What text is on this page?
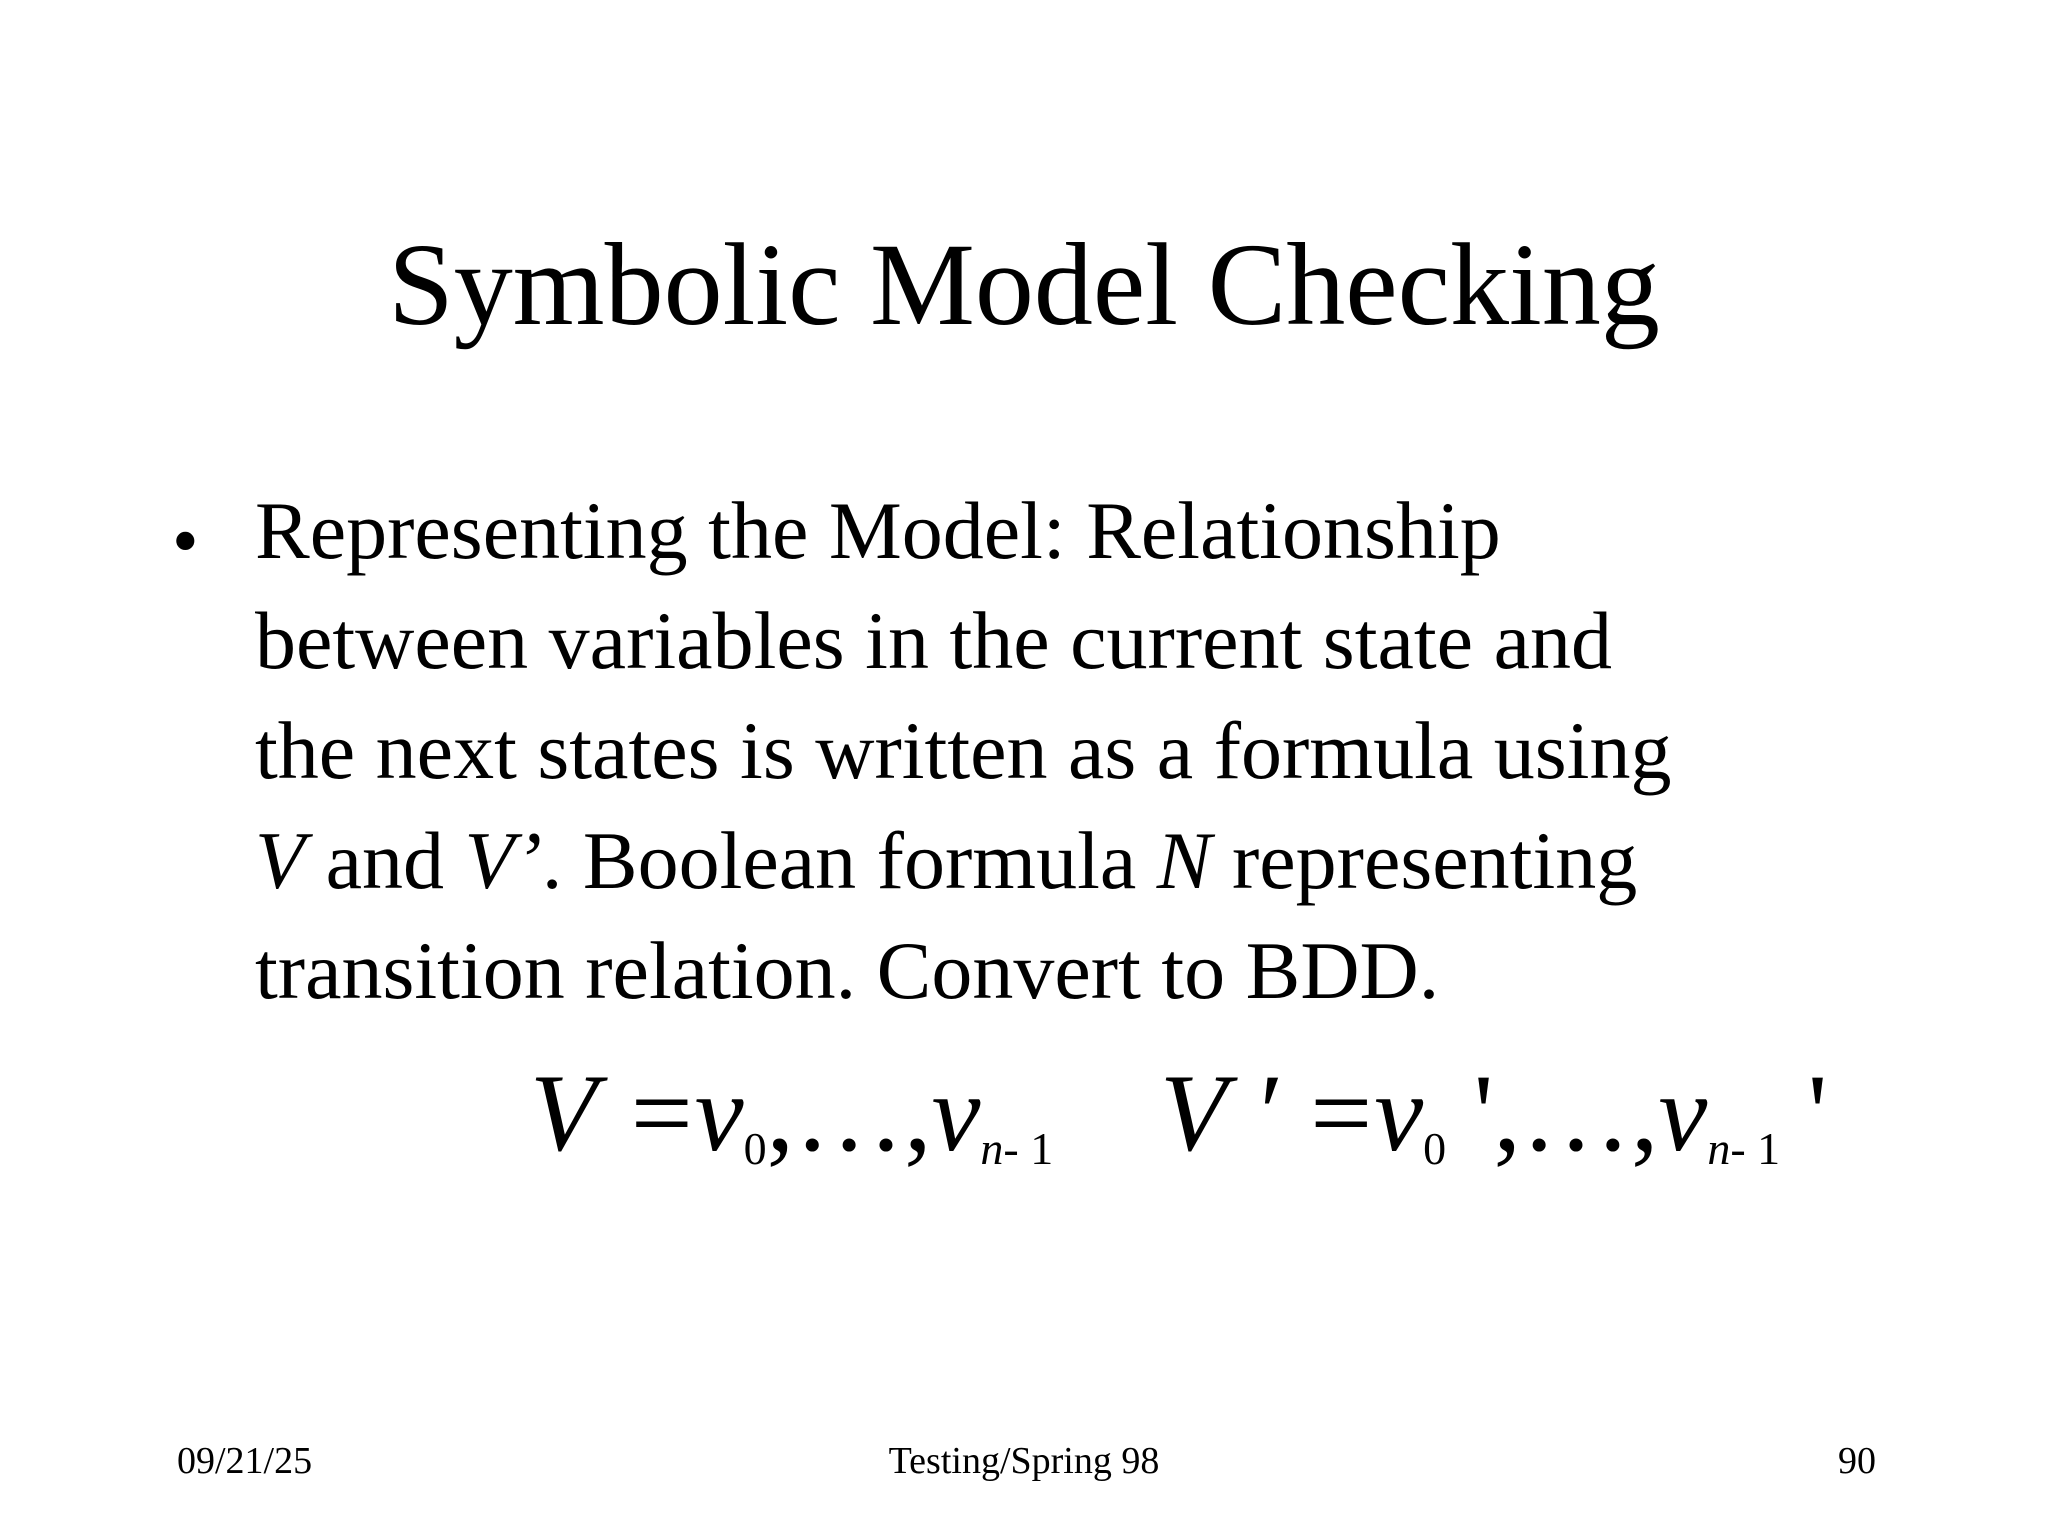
Symbolic Model Checking
• Representing the Model: Relationship
between variables in the current state and
the next states is written as a formula using
V and V’. Boolean formula N representing
transition relation. Convert to BDD.
$V =v_0,\dots,v_{n- 1}$ V ′ $=v_0$ '$,\dots,v_{n- 1}$ '
09/21/25	Testing/Spring 98	90
